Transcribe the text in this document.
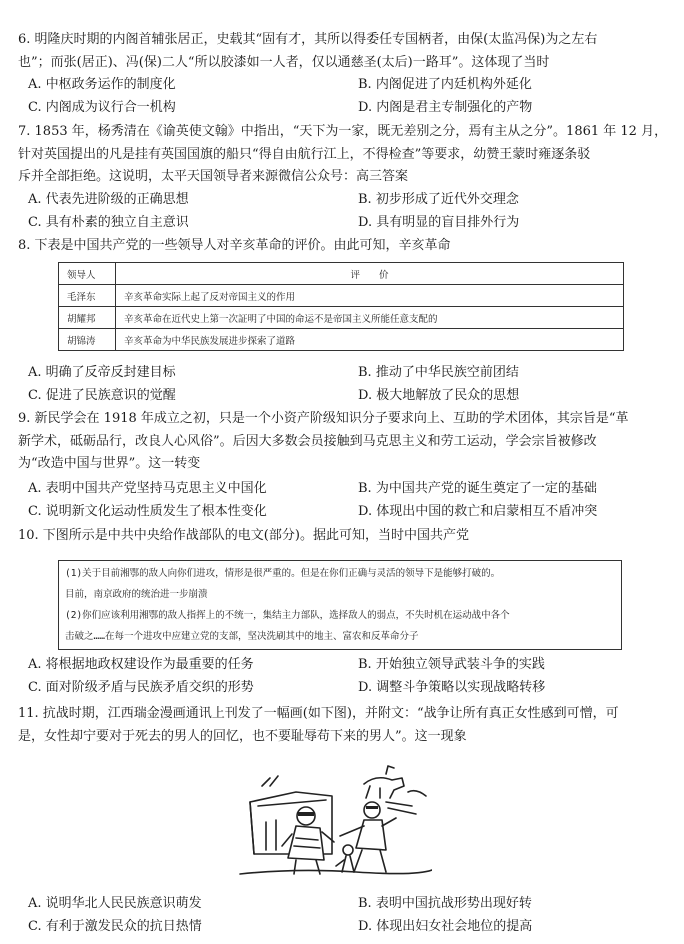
6. 明隆庆时期的内阁首辅张居正，史载其“固有才，其所以得委任专国柄者，由保(太监冯保)为之左右

也”；而张(居正)、冯(保)二人“所以胶漆如一人者，仅以通慈圣(太后)一路耳”。这体现了当时

A. 中枢政务运作的制度化	B. 内阁促进了内廷机构外延化
C. 内阁成为议行合一机构	D. 内阁是君主专制强化的产物

7. 1853 年，杨秀清在《谕英使文翰》中指出，“天下为一家，既无差别之分，焉有主从之分”。1861 年 12 月，

针对英国提出的凡是挂有英国国旗的船只“得自由航行江上，不得检查”等要求，幼赞王蒙时雍逐条驳

斥并全部拒绝。这说明，太平天国领导者来源微信公众号：高三答案

A. 代表先进阶级的正确思想	B. 初步形成了近代外交理念
C. 具有朴素的独立自主意识	D. 具有明显的盲目排外行为

8. 下表是中国共产党的一些领导人对辛亥革命的评价。由此可知，辛亥革命

领导人	评　　价
毛泽东	辛亥革命实际上起了反对帝国主义的作用
胡耀邦	辛亥革命在近代史上第一次証明了中国的命运不是帝国主义所能任意支配的
胡锦涛	辛亥革命为中华民族发展进步探索了道路
A. 明确了反帝反封建目标	B. 推动了中华民族空前团结
C. 促进了民族意识的觉醒	D. 极大地解放了民众的思想

9. 新民学会在 1918 年成立之初，只是一个小资产阶级知识分子要求向上、互助的学术团体，其宗旨是“革

新学术，砥砺品行，改良人心风俗”。后因大多数会员接触到马克思主义和劳工运动，学会宗旨被修改

为“改造中国与世界”。这一转变

A. 表明中国共产党坚持马克思主义中国化	B. 为中国共产党的诞生奠定了一定的基础
C. 说明新文化运动性质发生了根本性变化	D. 体现出中国的救亡和启蒙相互不盾冲突

10. 下图所示是中共中央给作战部队的电文(部分)。据此可知，当时中国共产党

(1)关于目前湘鄂的敌人向你们进攻，情形是很严重的。但是在你们正确与灵活的领导下是能够打破的。

目前，南京政府的统治进一步崩溃

(2)你们应该利用湘鄂的敌人指挥上的不统一，集结主力部队，选择敌人的弱点，不失时机在运动战中各个

击破之……在每一个进攻中应建立党的支部，坚决洗刷其中的地主、富农和反革命分子

A. 将根据地政权建设作为最重要的任务	B. 开始独立领导武装斗争的实践
C. 面对阶级矛盾与民族矛盾交织的形势	D. 调整斗争策略以实现战略转移

11. 抗战时期，江西瑞金漫画通讯上刊发了一幅画(如下图)，并附文：“战争让所有真正女性感到可憎，可

是，女性却宁要对于死去的男人的回忆，也不要耻辱苟下来的男人”。这一现象

A. 说明华北人民民族意识萌发	B. 表明中国抗战形势出现好转
C. 有利于激发民众的抗日热情	D. 体现出妇女社会地位的提高
